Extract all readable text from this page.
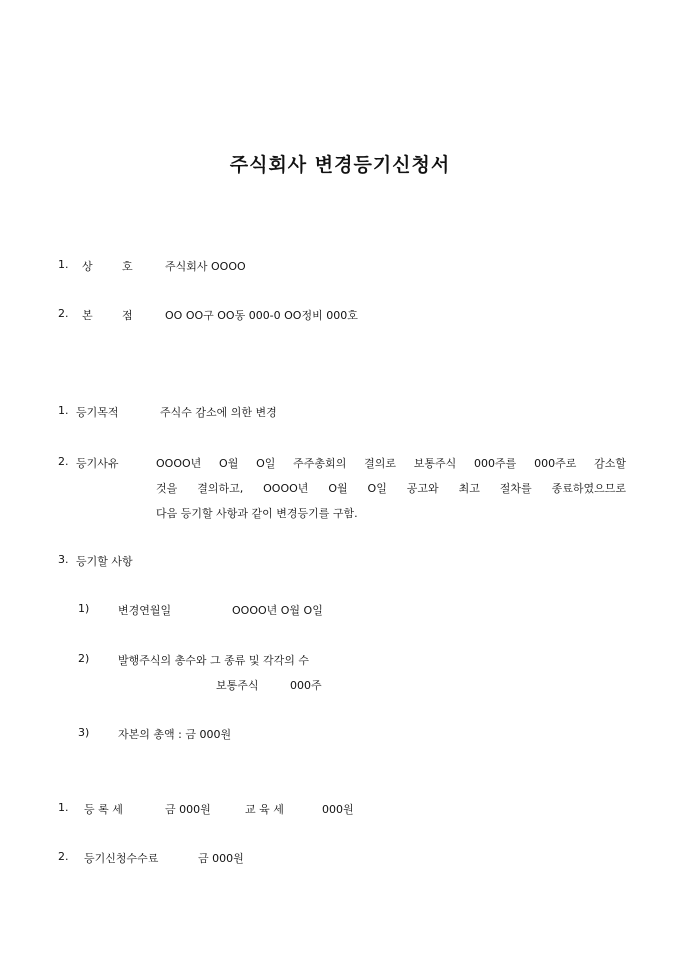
주식회사 변경등기신청서
1. 상	호	주식회사 OOOO
2. 본	점	OO OO구 OO동 000-0 OO정비 000호
1. 등기목적	주식수 감소에 의한 변경
2. 등기사유	OOOO년 O월 O일 주주총회의 결의로 보통주식 000주를 000주로 감소할
것을 결의하고, OOOO년 O월 O일 공고와 최고 절차를 종료하였으므로
다음 등기할 사항과 같이 변경등기를 구함.
3. 등기할 사항
1)	변경연월일	OOOO년 O월 O일
2)	발행주식의 총수와 그 종류 및 각각의 수
보통주식	000주
3)	자본의 총액 : 금 000원
1. 등 록 세	금 000원	교 육 세	000원
2. 등기신청수수료	금 000원
